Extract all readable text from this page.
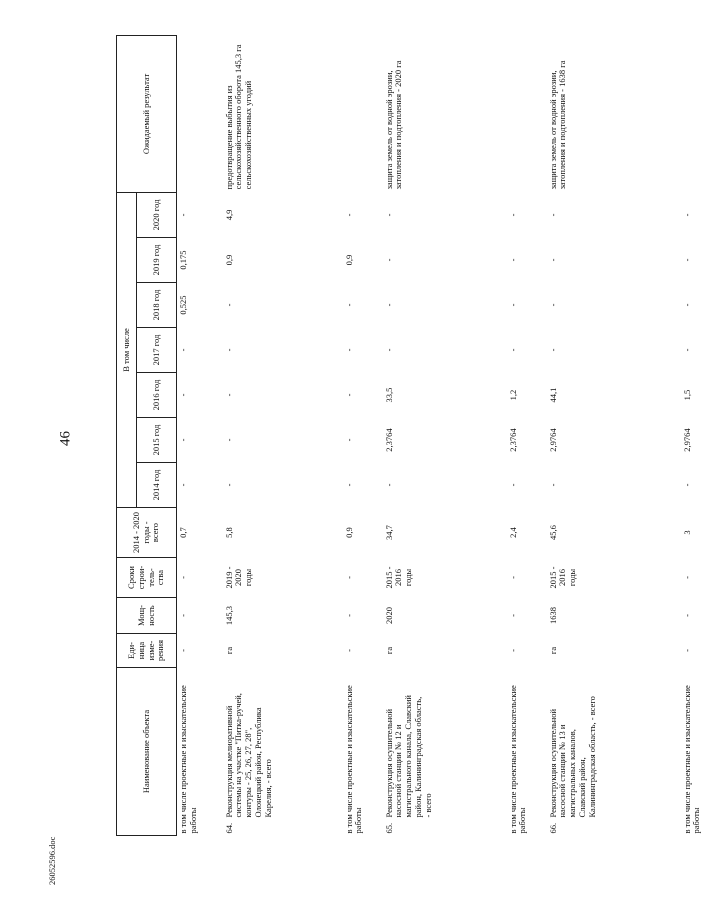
46
26052596.doc
Наименование объекта	Еди-ница изме-рения	Мощ-ность	Сроки строи-тель-ства	2014 - 2020 годы - всего	В том числе							Ожидаемый результат
					2014 год	2015 год	2016 год	2017 год	2018 год	2019 год	2020 год	
в том числе проектные и изыскательские работы	-	-	-	0,7	-	-	-	-	0,525	0,175	-	
64.Реконструкция мелиоративной системы на участке "Питка-ручей, контуры - 25, 26, 27, 28", Олонецкий район, Республика Карелия, - всего	га	145,3	2019 - 2020 годы	5,8	-	-	-	-	-	0,9	4,9	предотвращение выбытия из сельскохозяйственного оборота 145,3 га сельскохозяйственных угодий
в том числе проектные и изыскательские работы	-	-	-	0,9	-	-	-	-	-	0,9	-	
65.Реконструкция осушительной насосной станции № 12 и магистрального канала, Славский район, Калининградская область, - всего	га	2020	2015 - 2016 годы	34,7	-	2,3764	33,5	-	-	-	-	защита земель от водной эрозии, затопления и подтопления - 2020 га
в том числе проектные и изыскательские работы	-	-	-	2,4	-	2,3764	1,2	-	-	-	-	
66.Реконструкция осушительной насосной станции № 13 и магистральных каналов, Славский район, Калининградская область, - всего	га	1638	2015 - 2016 годы	45,6	-	2,9764	44,1	-	-	-	-	защита земель от водной эрозии, затопления и подтопления - 1638 га
в том числе проектные и изыскательские работы	-	-	-	3	-	2,9764	1,5	-	-	-	-	
